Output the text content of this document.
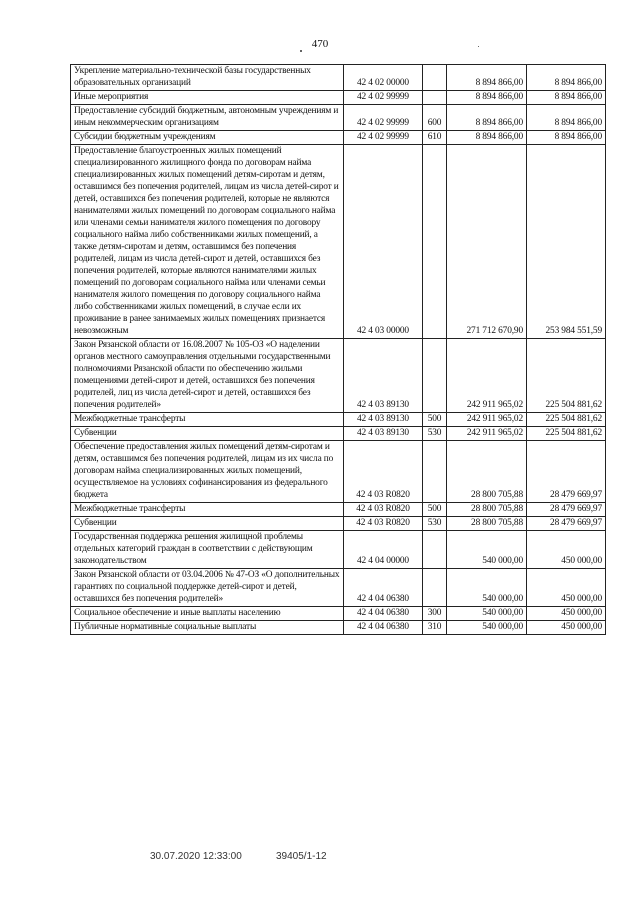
470
Укрепление материально-технической базы государственных образовательных организаций	42 4 02 00000		8 894 866,00	8 894 866,00
Иные мероприятия	42 4 02 99999		8 894 866,00	8 894 866,00
Предоставление субсидий бюджетным, автономным учреждениям и иным некоммерческим организациям	42 4 02 99999	600	8 894 866,00	8 894 866,00
Субсидии бюджетным учреждениям	42 4 02 99999	610	8 894 866,00	8 894 866,00
Предоставление благоустроенных жилых помещений специализированного жилищного фонда по договорам найма специализированных жилых помещений детям-сиротам и детям, оставшимся без попечения родителей, лицам из числа детей-сирот и детей, оставшихся без попечения родителей, которые не являются нанимателями жилых помещений по договорам социального найма или членами семьи нанимателя жилого помещения по договору социального найма либо собственниками жилых помещений, а также детям-сиротам и детям, оставшимся без попечения родителей, лицам из числа детей-сирот и детей, оставшихся без попечения родителей, которые являются нанимателями жилых помещений по договорам социального найма или членами семьи нанимателя жилого помещения по договору социального найма либо собственниками жилых помещений, в случае если их проживание в ранее занимаемых жилых помещениях признается невозможным	42 4 03 00000		271 712 670,90	253 984 551,59
Закон Рязанской области от 16.08.2007 № 105-ОЗ «О наделении органов местного самоуправления отдельными государственными полномочиями Рязанской области по обеспечению жильми помещениями детей-сирот и детей, оставшихся без попечения родителей, лиц из числа детей-сирот и детей, оставшихся без попечения родителей»	42 4 03 89130		242 911 965,02	225 504 881,62
Межбюджетные трансферты	42 4 03 89130	500	242 911 965,02	225 504 881,62
Субвенции	42 4 03 89130	530	242 911 965,02	225 504 881,62
Обеспечение предоставления жилых помещений детям-сиротам и детям, оставшимся без попечения родителей, лицам из их числа по договорам найма специализированных жилых помещений, осуществляемое на условиях софинансирования из федерального бюджета	42 4 03 R0820		28 800 705,88	28 479 669,97
Межбюджетные трансферты	42 4 03 R0820	500	28 800 705,88	28 479 669,97
Субвенции	42 4 03 R0820	530	28 800 705,88	28 479 669,97
Государственная поддержка решения жилищной проблемы отдельных категорий граждан в соответствии с действующим законодательством	42 4 04 00000		540 000,00	450 000,00
Закон Рязанской области от 03.04.2006 № 47-ОЗ «О дополнительных гарантиях по социальной поддержке детей-сирот и детей, оставшихся без попечения родителей»	42 4 04 06380		540 000,00	450 000,00
Социальное обеспечение и иные выплаты населению	42 4 04 06380	300	540 000,00	450 000,00
Публичные нормативные социальные выплаты	42 4 04 06380	310	540 000,00	450 000,00
30.07.2020 12:33:00	39405/1-12
